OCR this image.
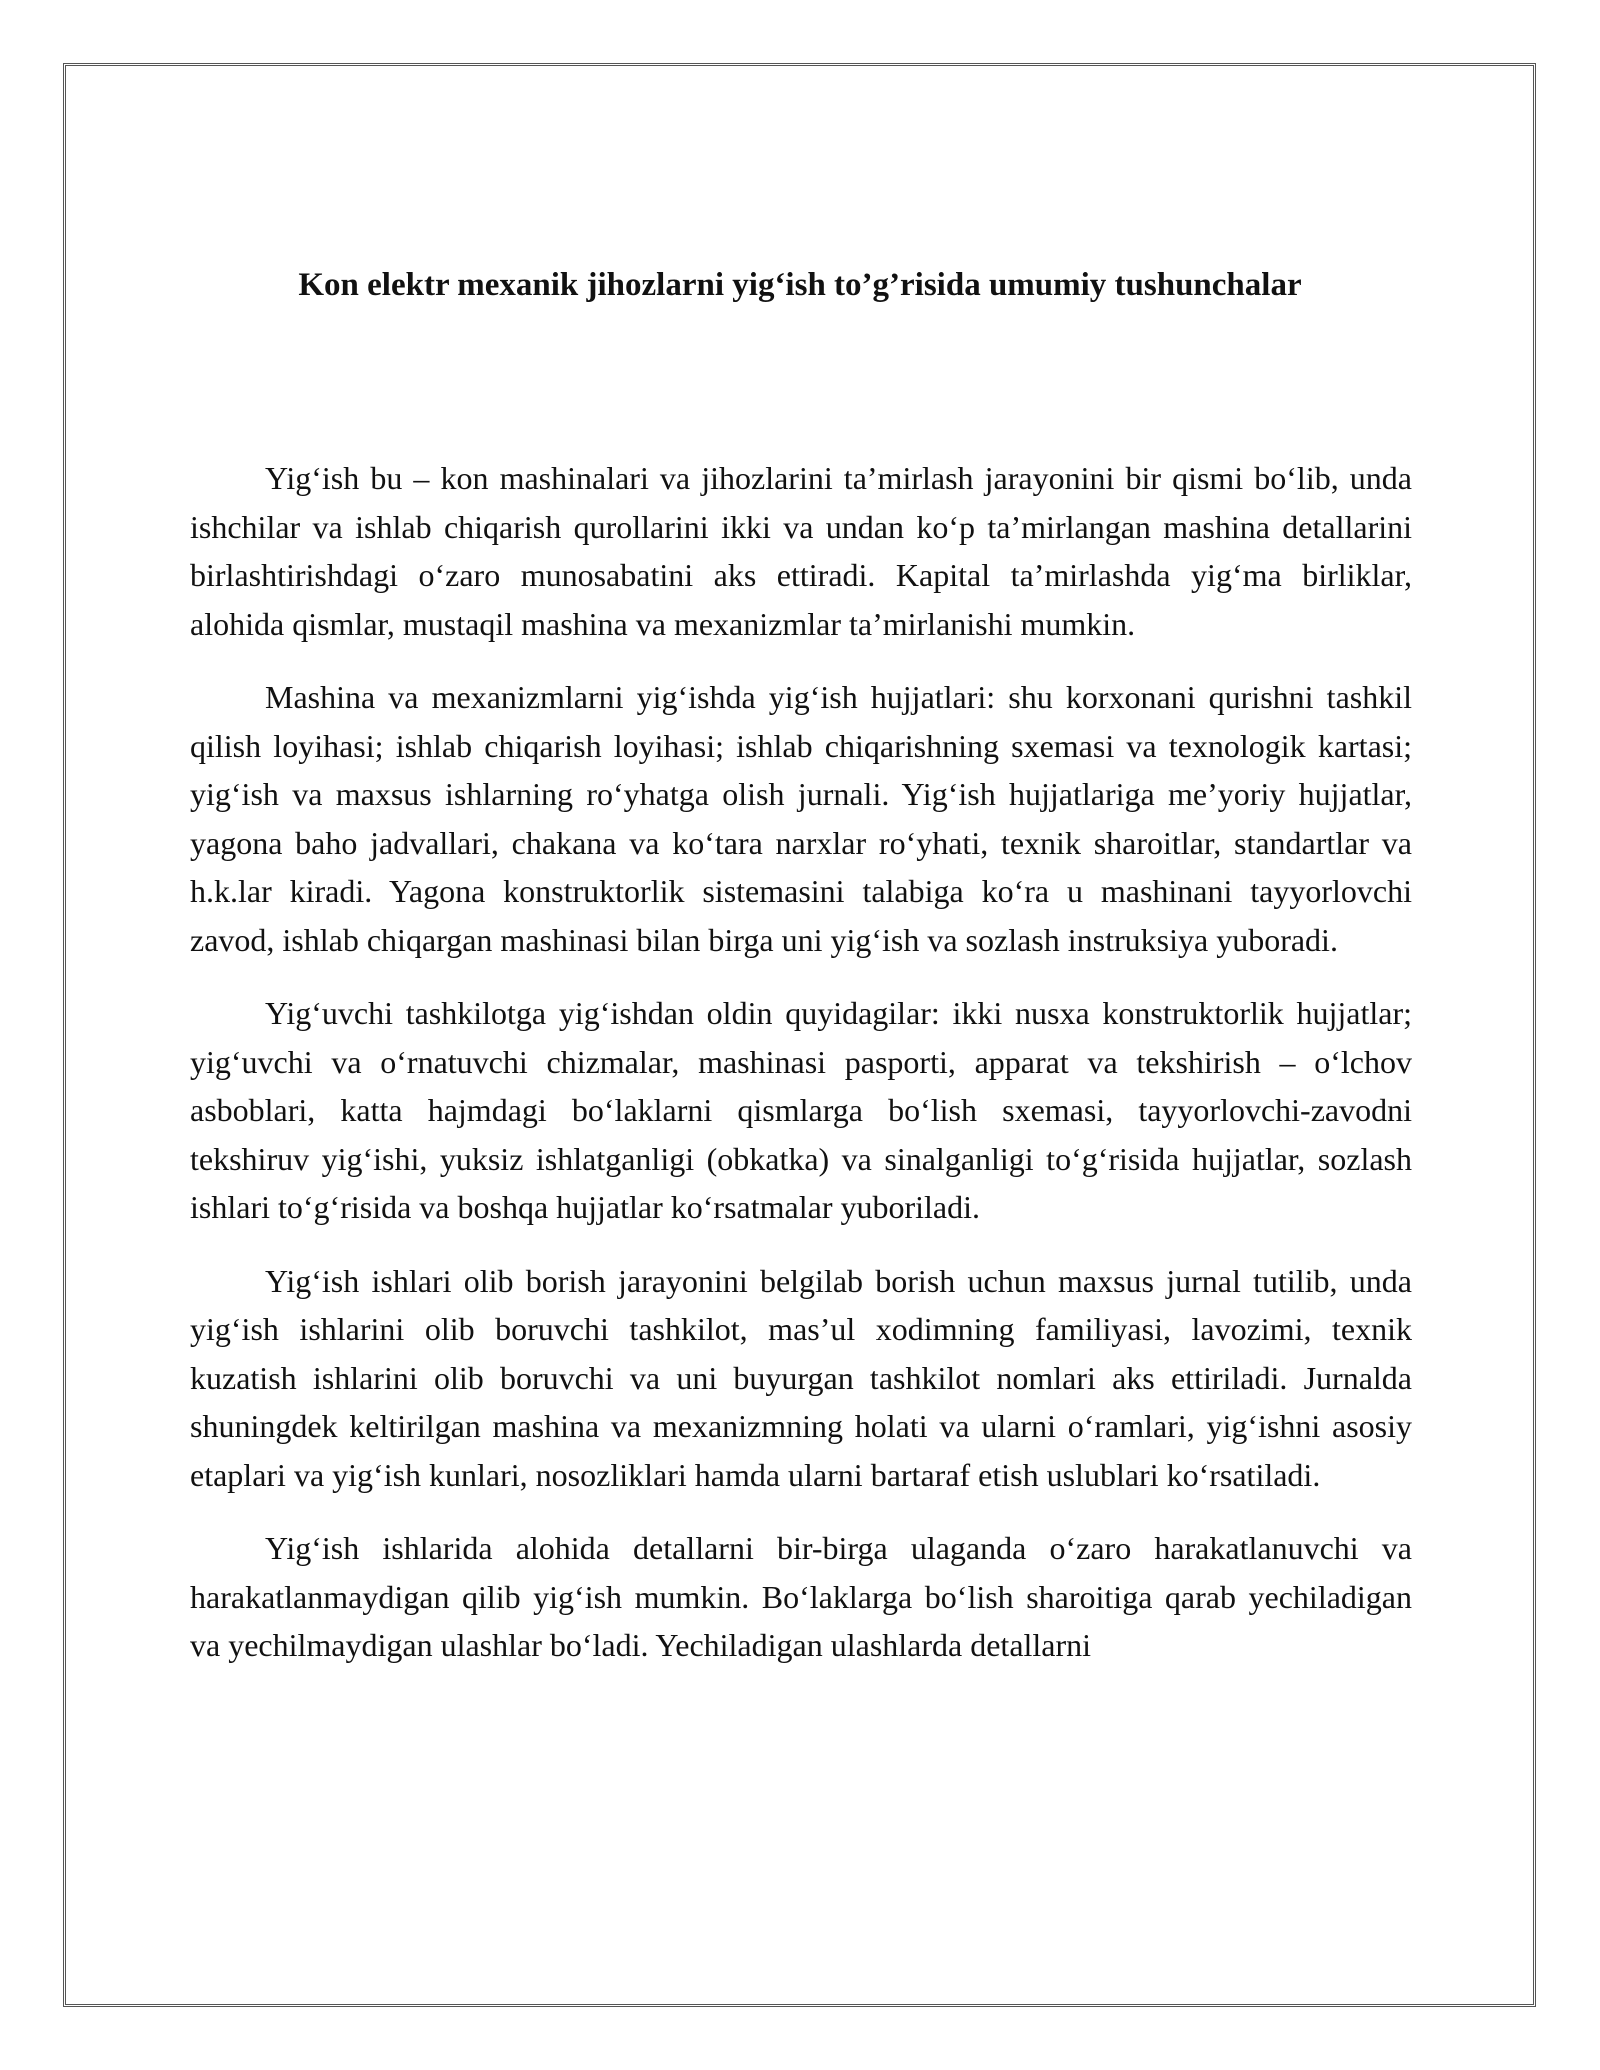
Kon elektr mexanik jihozlarni yig‘ish to’g’risida umumiy tushunchalar

Yig‘ish bu – kon mashinalari va jihozlarini ta’mirlash jarayonini bir qismi bo‘lib, unda ishchilar va ishlab chiqarish qurollarini ikki va undan ko‘p ta’mirlangan mashina detallarini birlashtirishdagi o‘zaro munosabatini aks ettiradi. Kapital ta’mirlashda yig‘ma birliklar, alohida qismlar, mustaqil mashina va mexanizmlar ta’mirlanishi mumkin.

Mashina va mexanizmlarni yig‘ishda yig‘ish hujjatlari: shu korxonani qurishni tashkil qilish loyihasi; ishlab chiqarish loyihasi; ishlab chiqarishning sxemasi va texnologik kartasi; yig‘ish va maxsus ishlarning ro‘yhatga olish jurnali. Yig‘ish hujjatlariga me’yoriy hujjatlar, yagona baho jadvallari, chakana va ko‘tara narxlar ro‘yhati, texnik sharoitlar, standartlar va h.k.lar kiradi. Yagona konstruktorlik sistemasini talabiga ko‘ra u mashinani tayyorlovchi zavod, ishlab chiqargan mashinasi bilan birga uni yig‘ish va sozlash instruksiya yuboradi.

Yig‘uvchi tashkilotga yig‘ishdan oldin quyidagilar: ikki nusxa konstruktorlik hujjatlar; yig‘uvchi va o‘rnatuvchi chizmalar, mashinasi pasporti, apparat va tekshirish – o‘lchov asboblari, katta hajmdagi bo‘laklarni qismlarga bo‘lish sxemasi, tayyorlovchi-zavodni tekshiruv yig‘ishi, yuksiz ishlatganligi (obkatka) va sinalganligi to‘g‘risida hujjatlar, sozlash ishlari to‘g‘risida va boshqa hujjatlar ko‘rsatmalar yuboriladi.

Yig‘ish ishlari olib borish jarayonini belgilab borish uchun maxsus jurnal tutilib, unda yig‘ish ishlarini olib boruvchi tashkilot, mas’ul xodimning familiyasi, lavozimi, texnik kuzatish ishlarini olib boruvchi va uni buyurgan tashkilot nomlari aks ettiriladi. Jurnalda shuningdek keltirilgan mashina va mexanizmning holati va ularni o‘ramlari, yig‘ishni asosiy etaplari va yig‘ish kunlari, nosozliklari hamda ularni bartaraf etish uslublari ko‘rsatiladi.

Yig‘ish ishlarida alohida detallarni bir-birga ulaganda o‘zaro harakatlanuvchi va harakatlanmaydigan qilib yig‘ish mumkin. Bo‘laklarga bo‘lish sharoitiga qarab yechiladigan va yechilmaydigan ulashlar bo‘ladi. Yechiladigan ulashlarda detallarni
